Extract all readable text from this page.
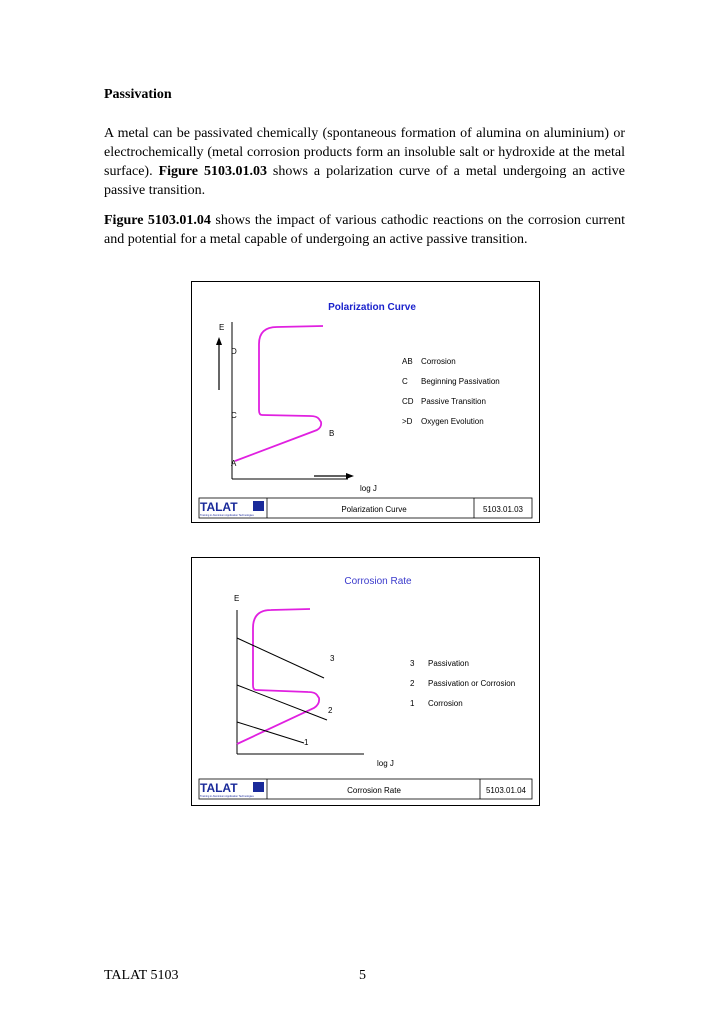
Passivation

A metal can be passivated chemically (spontaneous formation of alumina on aluminium) or electrochemically (metal corrosion products form an insoluble salt or hydroxide at the metal surface). Figure 5103.01.03 shows a polarization curve of a metal undergoing an active passive transition.

Figure 5103.01.04 shows the impact of various cathodic reactions on the corrosion current and potential for a metal capable of undergoing an active passive transition.

Polarization Curve
E
log J
D
C
B
A
AB Corrosion
C Beginning Passivation
CD Passive Transition
>D Oxygen Evolution
TALAT
Training in Aluminium Application Technologies
Polarization Curve	5103.01.03
Corrosion Rate
E
log J
3
2
1
3 Passivation
2 Passivation or Corrosion
1 Corrosion
TALAT
Training in Aluminium Application Technologies
Corrosion Rate	5103.01.04

TALAT 5103	5
